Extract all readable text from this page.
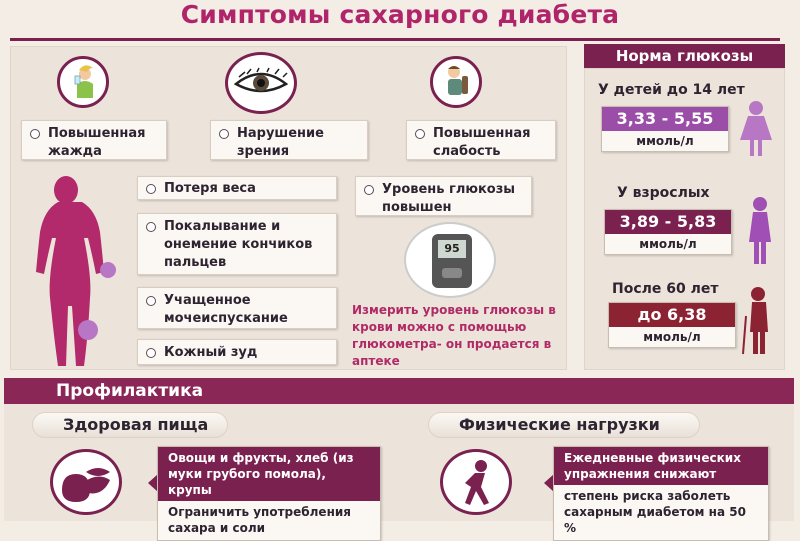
Симптомы сахарного диабета
Повышенная жажда
Нарушение зрения
Повышенная слабость
Потеря веса
Покалывание и онемение кончиков пальцев
Учащенное мочеиспускание
Кожный зуд
Уровень глюкозы повышен
95
Измерить уровень глюкозы в крови можно с помощью глюкометра- он продается в аптеке
Норма глюкозы
У детей до 14 лет
3,33 - 5,55
ммоль/л
У взрослых
3,89 - 5,83
ммоль/л
После 60 лет
до 6,38
ммоль/л
Профилактика
Здоровая пища	Физические нагрузки
Овощи и фрукты, хлеб (из муки грубого помола), крупы
Ограничить употребления сахара и соли
Ежедневные физических упражнения снижают
степень риска заболеть сахарным диабетом на 50 %
